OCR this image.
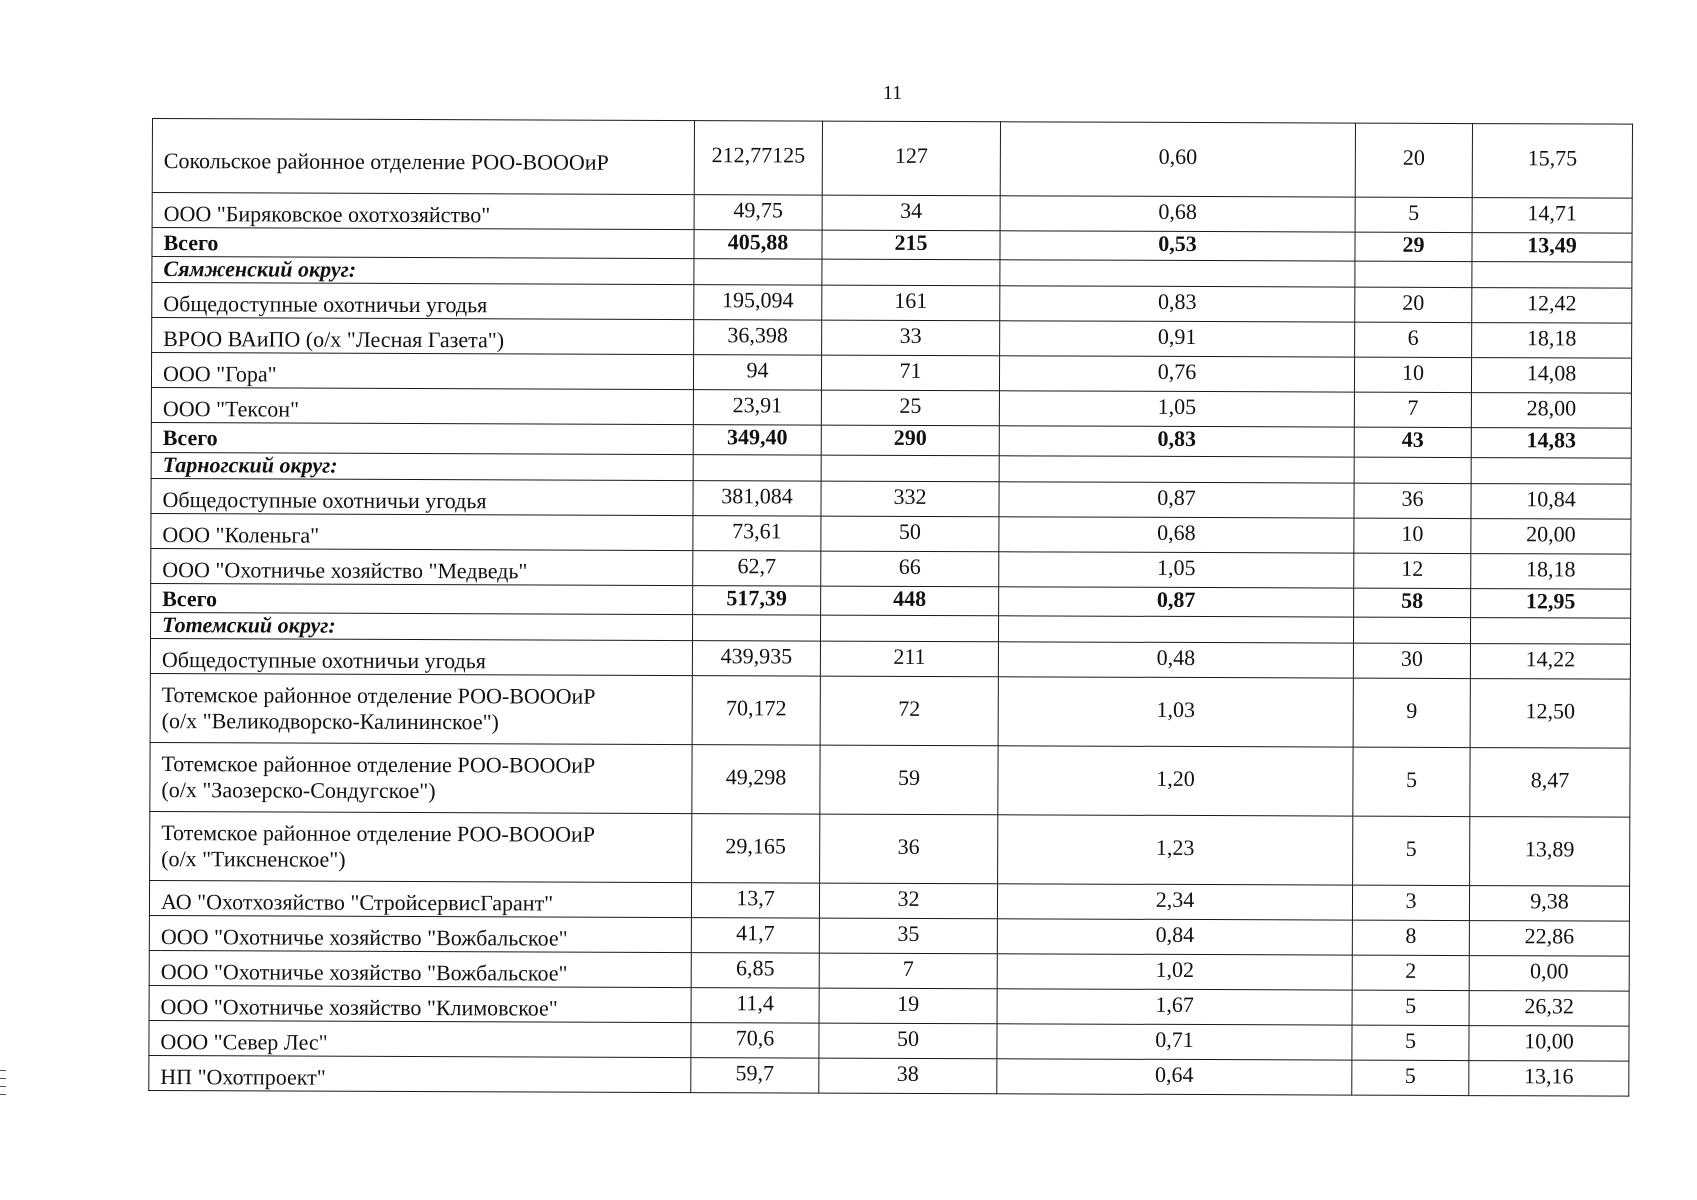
11
Сокольское районное отделение РОО-ВОООиР	212,77125	127	0,60	20	15,75
ООО "Биряковское охотхозяйство"	49,75	34	0,68	5	14,71
Всего	405,88	215	0,53	29	13,49
Сямженский округ:					
Общедоступные охотничьи угодья	195,094	161	0,83	20	12,42
ВРОО ВАиПО (о/х "Лесная Газета")	36,398	33	0,91	6	18,18
ООО "Гора"	94	71	0,76	10	14,08
ООО "Тексон"	23,91	25	1,05	7	28,00
Всего	349,40	290	0,83	43	14,83
Тарногский округ:					
Общедоступные охотничьи угодья	381,084	332	0,87	36	10,84
ООО "Коленьга"	73,61	50	0,68	10	20,00
ООО "Охотничье хозяйство "Медведь"	62,7	66	1,05	12	18,18
Всего	517,39	448	0,87	58	12,95
Тотемский округ:					
Общедоступные охотничьи угодья	439,935	211	0,48	30	14,22
Тотемское районное отделение РОО-ВОООиР
(о/х "Великодворско-Калининское")	70,172	72	1,03	9	12,50
Тотемское районное отделение РОО-ВОООиР
(о/х "Заозерско-Сондугское")	49,298	59	1,20	5	8,47
Тотемское районное отделение РОО-ВОООиР
(о/х "Тиксненское")	29,165	36	1,23	5	13,89
АО "Охотхозяйство "СтройсервисГарант"	13,7	32	2,34	3	9,38
ООО "Охотничье хозяйство "Вожбальское"	41,7	35	0,84	8	22,86
ООО "Охотничье хозяйство "Вожбальское"	6,85	7	1,02	2	0,00
ООО "Охотничье хозяйство "Климовское"	11,4	19	1,67	5	26,32
ООО "Север Лес"	70,6	50	0,71	5	10,00
НП "Охотпроект"	59,7	38	0,64	5	13,16
